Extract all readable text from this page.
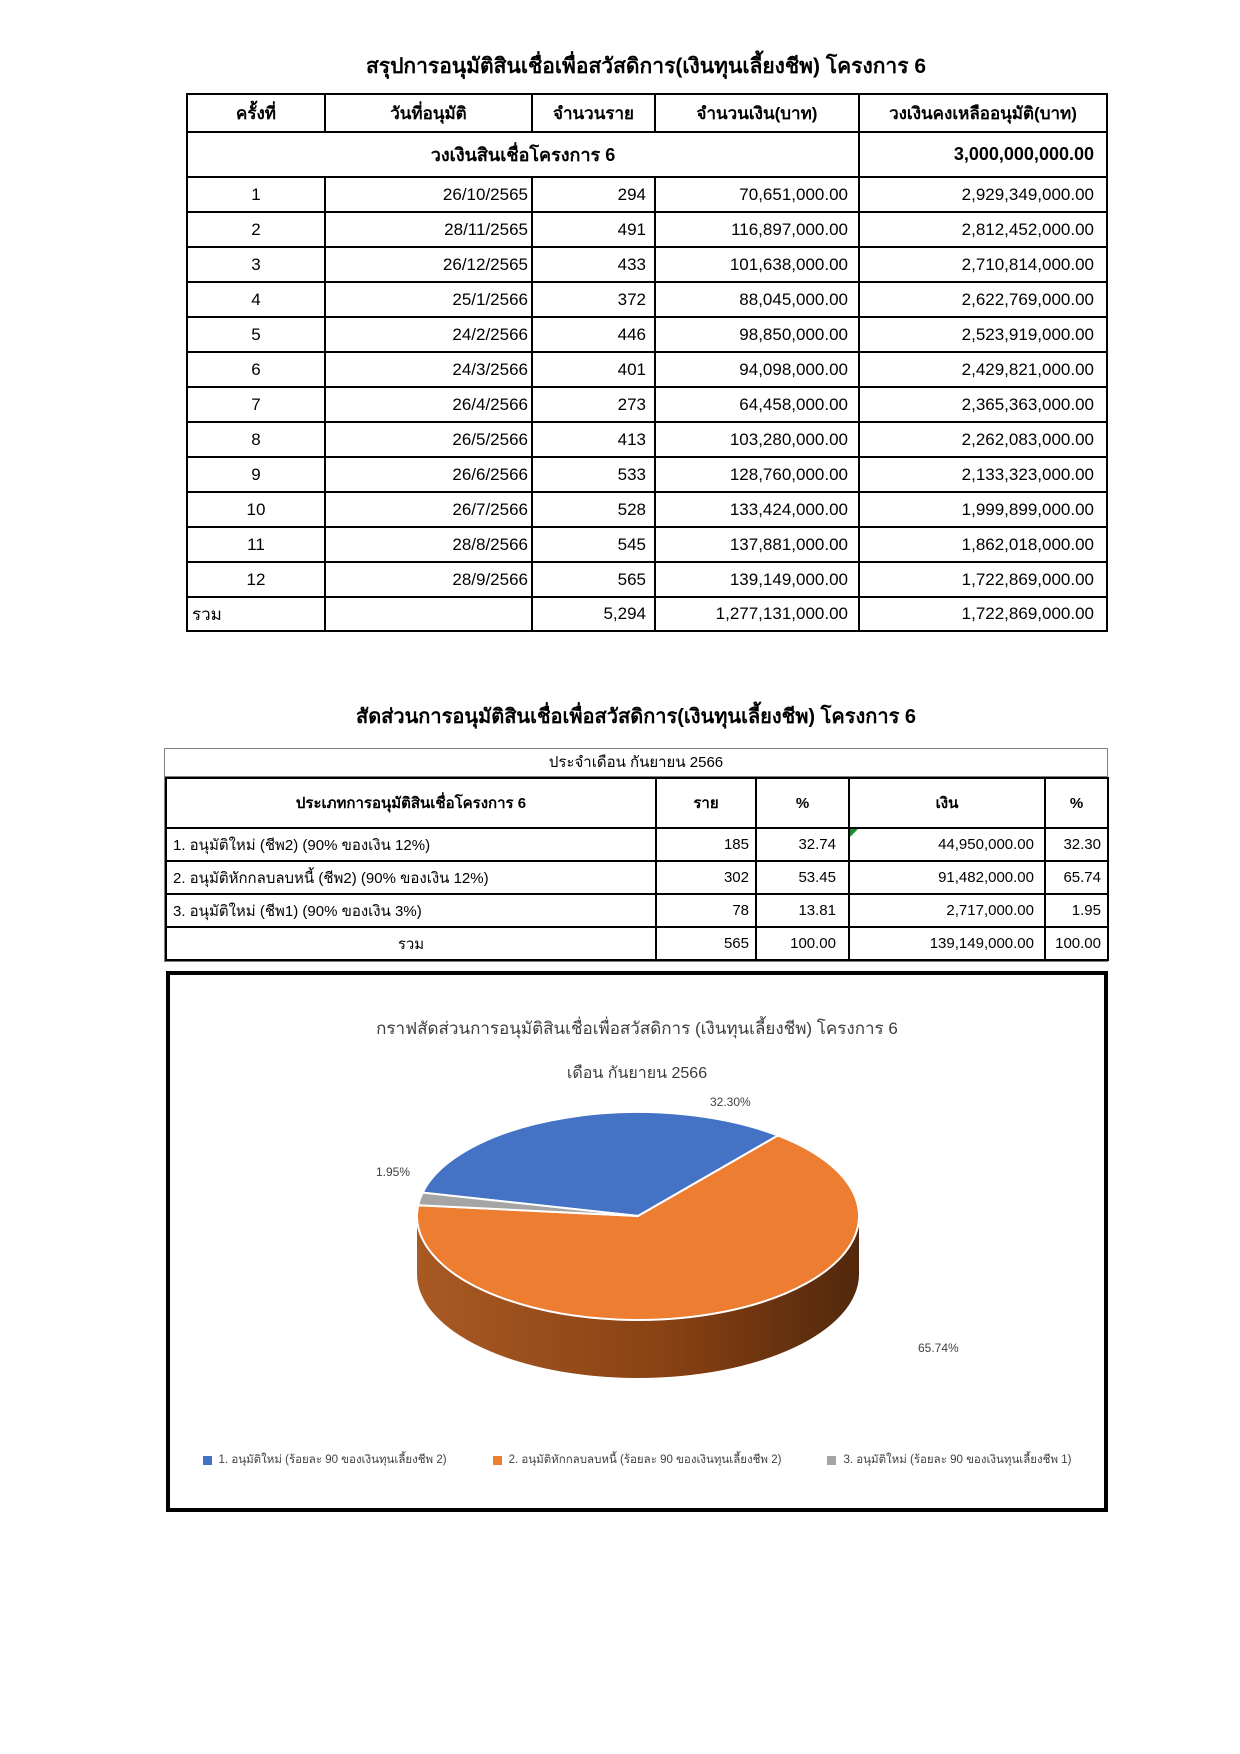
สรุปการอนุมัติสินเชื่อเพื่อสวัสดิการ(เงินทุนเลี้ยงชีพ) โครงการ 6
ครั้งที่	วันที่อนุมัติ	จำนวนราย	จำนวนเงิน(บาท)	วงเงินคงเหลืออนุมัติ(บาท)
วงเงินสินเชื่อโครงการ 6				3,000,000,000.00
1	26/10/2565	294	70,651,000.00	2,929,349,000.00
2	28/11/2565	491	116,897,000.00	2,812,452,000.00
3	26/12/2565	433	101,638,000.00	2,710,814,000.00
4	25/1/2566	372	88,045,000.00	2,622,769,000.00
5	24/2/2566	446	98,850,000.00	2,523,919,000.00
6	24/3/2566	401	94,098,000.00	2,429,821,000.00
7	26/4/2566	273	64,458,000.00	2,365,363,000.00
8	26/5/2566	413	103,280,000.00	2,262,083,000.00
9	26/6/2566	533	128,760,000.00	2,133,323,000.00
10	26/7/2566	528	133,424,000.00	1,999,899,000.00
11	28/8/2566	545	137,881,000.00	1,862,018,000.00
12	28/9/2566	565	139,149,000.00	1,722,869,000.00
รวม		5,294	1,277,131,000.00	1,722,869,000.00
สัดส่วนการอนุมัติสินเชื่อเพื่อสวัสดิการ(เงินทุนเลี้ยงชีพ) โครงการ 6
ประจำเดือน กันยายน 2566
ประเภทการอนุมัติสินเชื่อโครงการ 6	ราย	%	เงิน	%
1. อนุมัติใหม่ (ชีพ2) (90% ของเงิน 12%)	185	32.74	44,950,000.00	32.30
2. อนุมัติหักกลบลบหนี้ (ชีพ2) (90% ของเงิน 12%)	302	53.45	91,482,000.00	65.74
3. อนุมัติใหม่ (ชีพ1) (90% ของเงิน 3%)	78	13.81	2,717,000.00	1.95
รวม	565	100.00	139,149,000.00	100.00
กราฟสัดส่วนการอนุมัติสินเชื่อเพื่อสวัสดิการ (เงินทุนเลี้ยงชีพ) โครงการ 6
เดือน กันยายน 2566
32.30%
65.74%
1.95%
1. อนุมัติใหม่ (ร้อยละ 90 ของเงินทุนเลี้ยงชีพ 2)	2. อนุมัติหักกลบลบหนี้ (ร้อยละ 90 ของเงินทุนเลี้ยงชีพ 2)	3. อนุมัติใหม่ (ร้อยละ 90 ของเงินทุนเลี้ยงชีพ 1)
